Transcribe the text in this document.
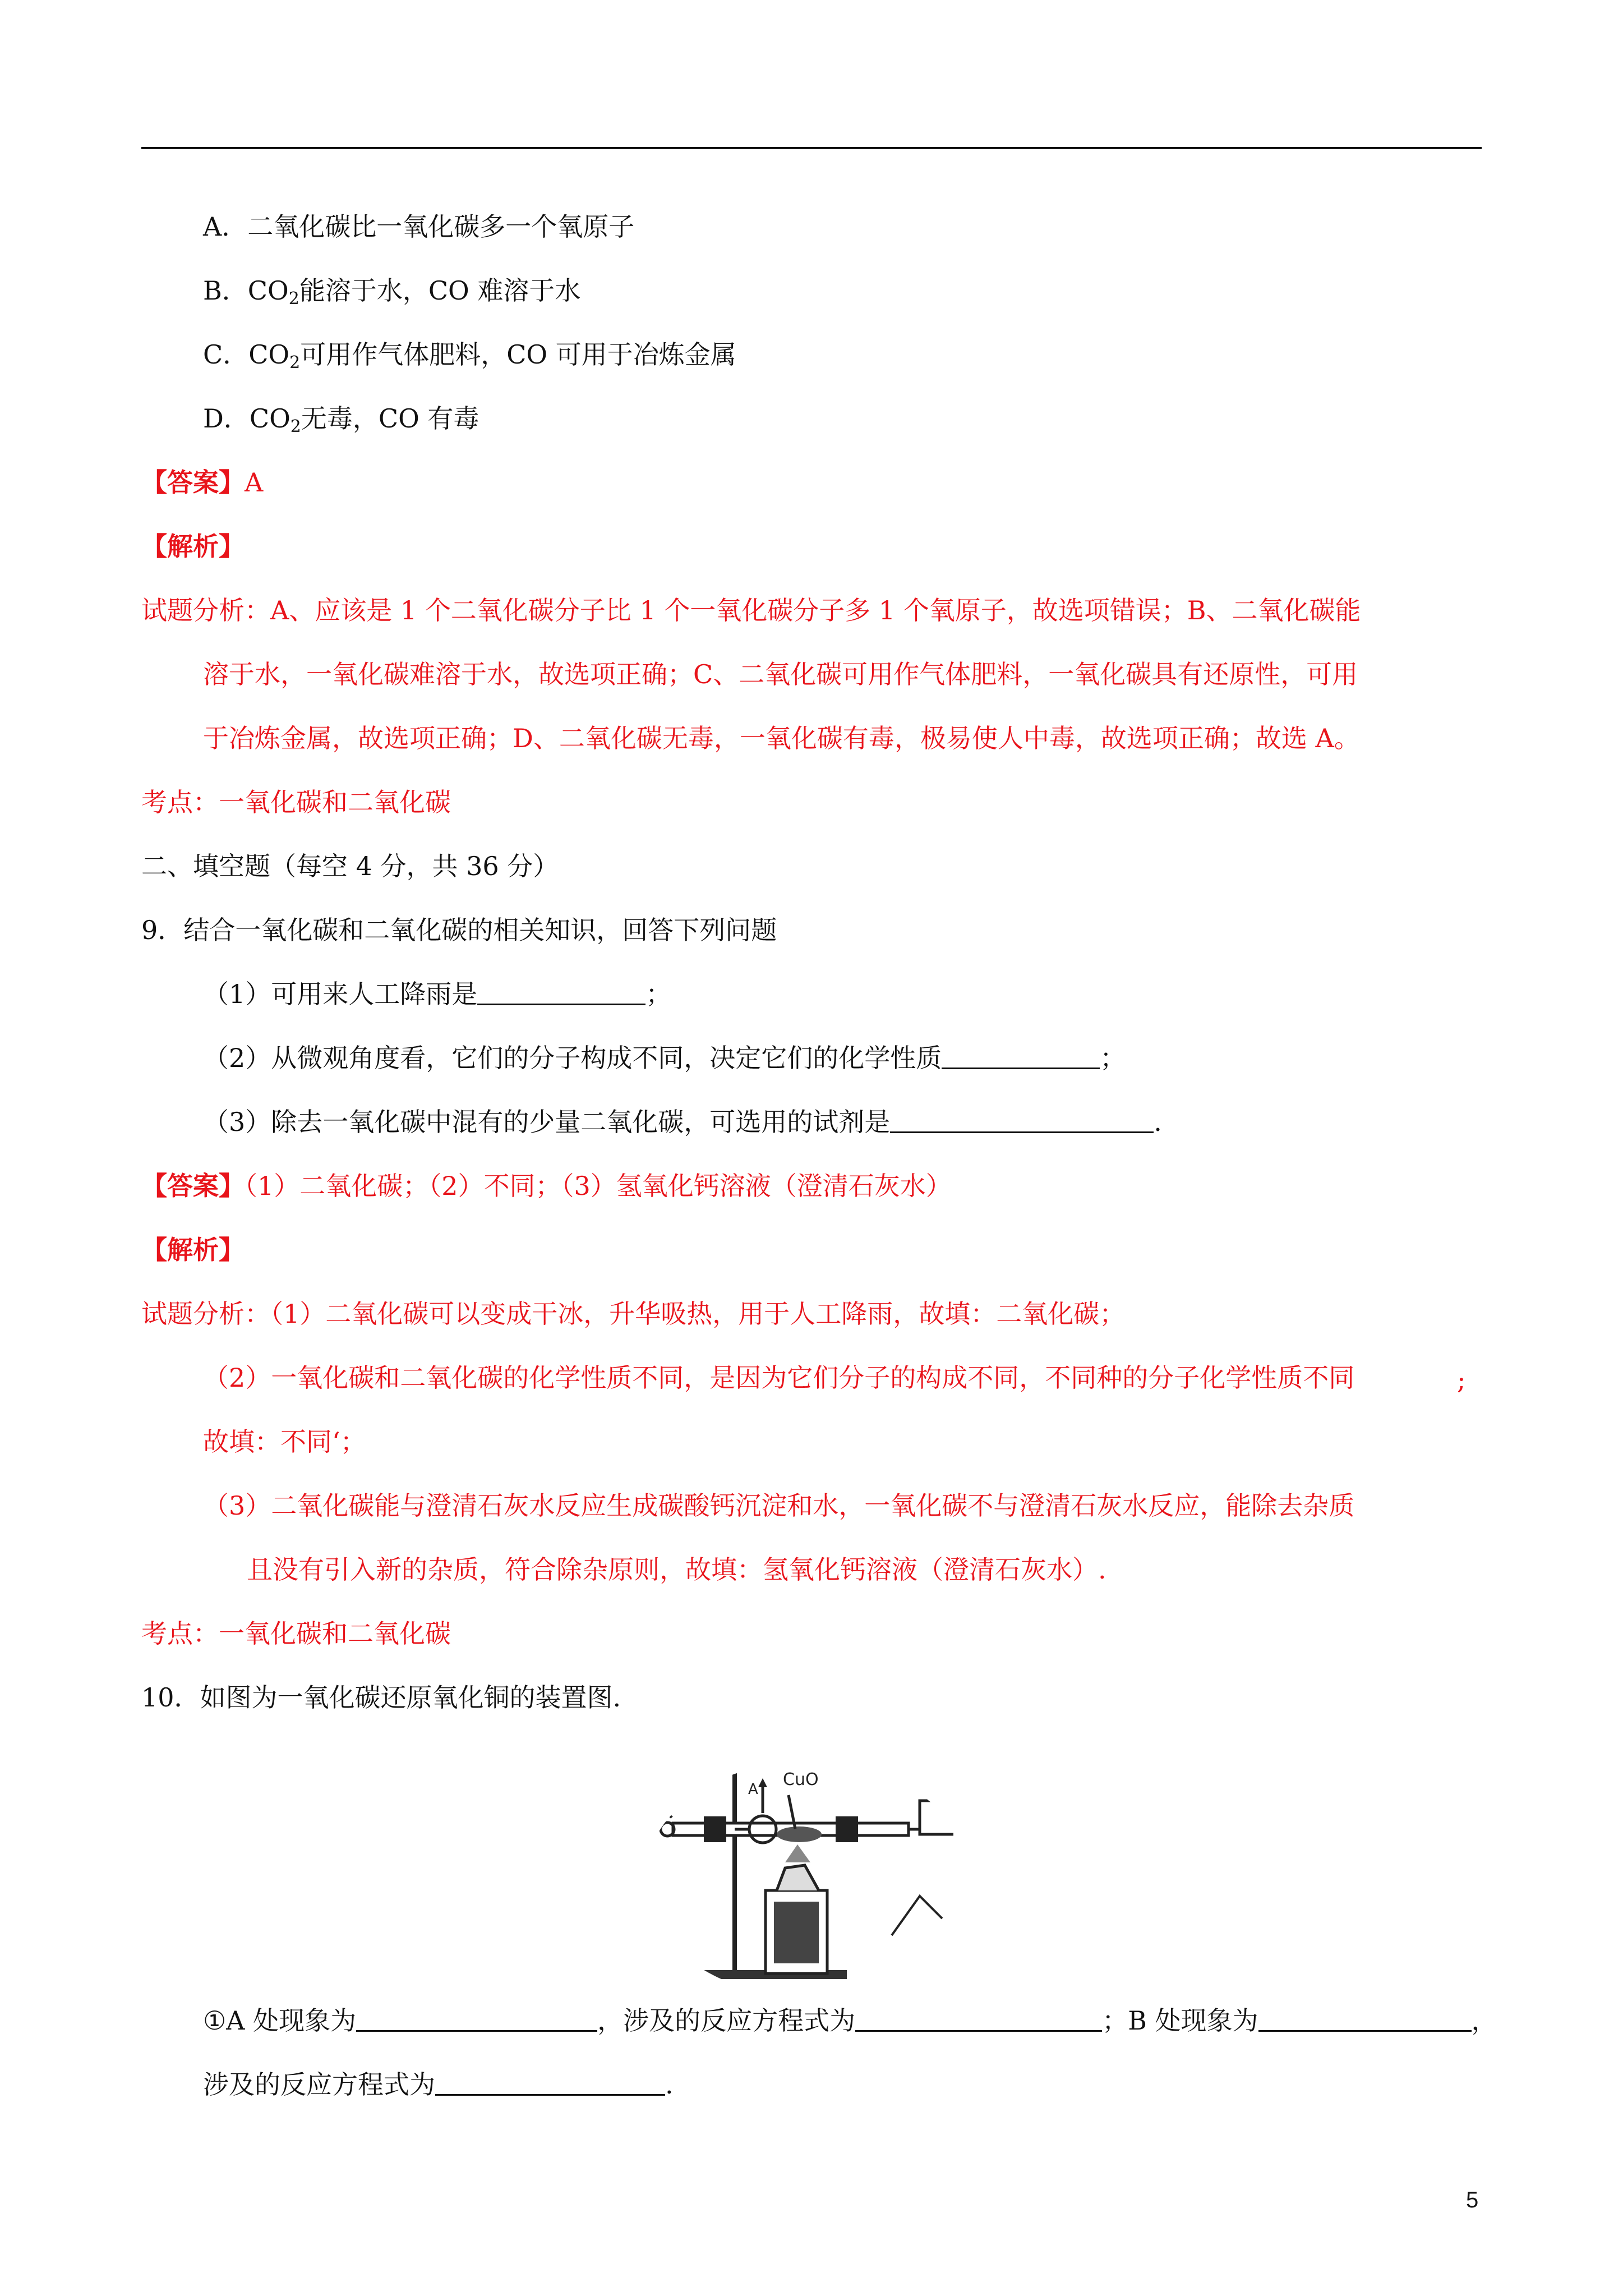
A．二氧化碳比一氧化碳多一个氧原子
B．$CO_2$能溶于水，CO 难溶于水
C．$CO_2$可用作气体肥料，CO 可用于冶炼金属
D．$CO_2$无毒，CO 有毒
【答案】A
【解析】
试题分析：A、应该是 1 个二氧化碳分子比 1 个一氧化碳分子多 1 个氧原子，故选项错误；B、二氧化碳能
溶于水，一氧化碳难溶于水，故选项正确；C、二氧化碳可用作气体肥料，一氧化碳具有还原性，可用
于冶炼金属，故选项正确；D、二氧化碳无毒，一氧化碳有毒，极易使人中毒，故选项正确；故选 A。
考点：一氧化碳和二氧化碳
二、填空题（每空 4 分，共 36 分）
9．结合一氧化碳和二氧化碳的相关知识，回答下列问题
（1）可用来人工降雨是	；
（2）从微观角度看，它们的分子构成不同，决定它们的化学性质	；
（3）除去一氧化碳中混有的少量二氧化碳，可选用的试剂是	.
【答案】（1）二氧化碳；（2）不同；（3）氢氧化钙溶液（澄清石灰水）
【解析】
试题分析：（1）二氧化碳可以变成干冰，升华吸热，用于人工降雨，故填：二氧化碳；
（2）一氧化碳和二氧化碳的化学性质不同，是因为它们分子的构成不同，不同种的分子化学性质不同	;
故填：不同‘；
（3）二氧化碳能与澄清石灰水反应生成碳酸钙沉淀和水，一氧化碳不与澄清石灰水反应，能除去杂质
且没有引入新的杂质，符合除杂原则，故填：氢氧化钙溶液（澄清石灰水）.
考点：一氧化碳和二氧化碳
10．如图为一氧化碳还原氧化铜的装置图.
CuO
A
①A 处现象为	，涉及的反应方程式为	；B 处现象为	，
涉及的反应方程式为	.
5
